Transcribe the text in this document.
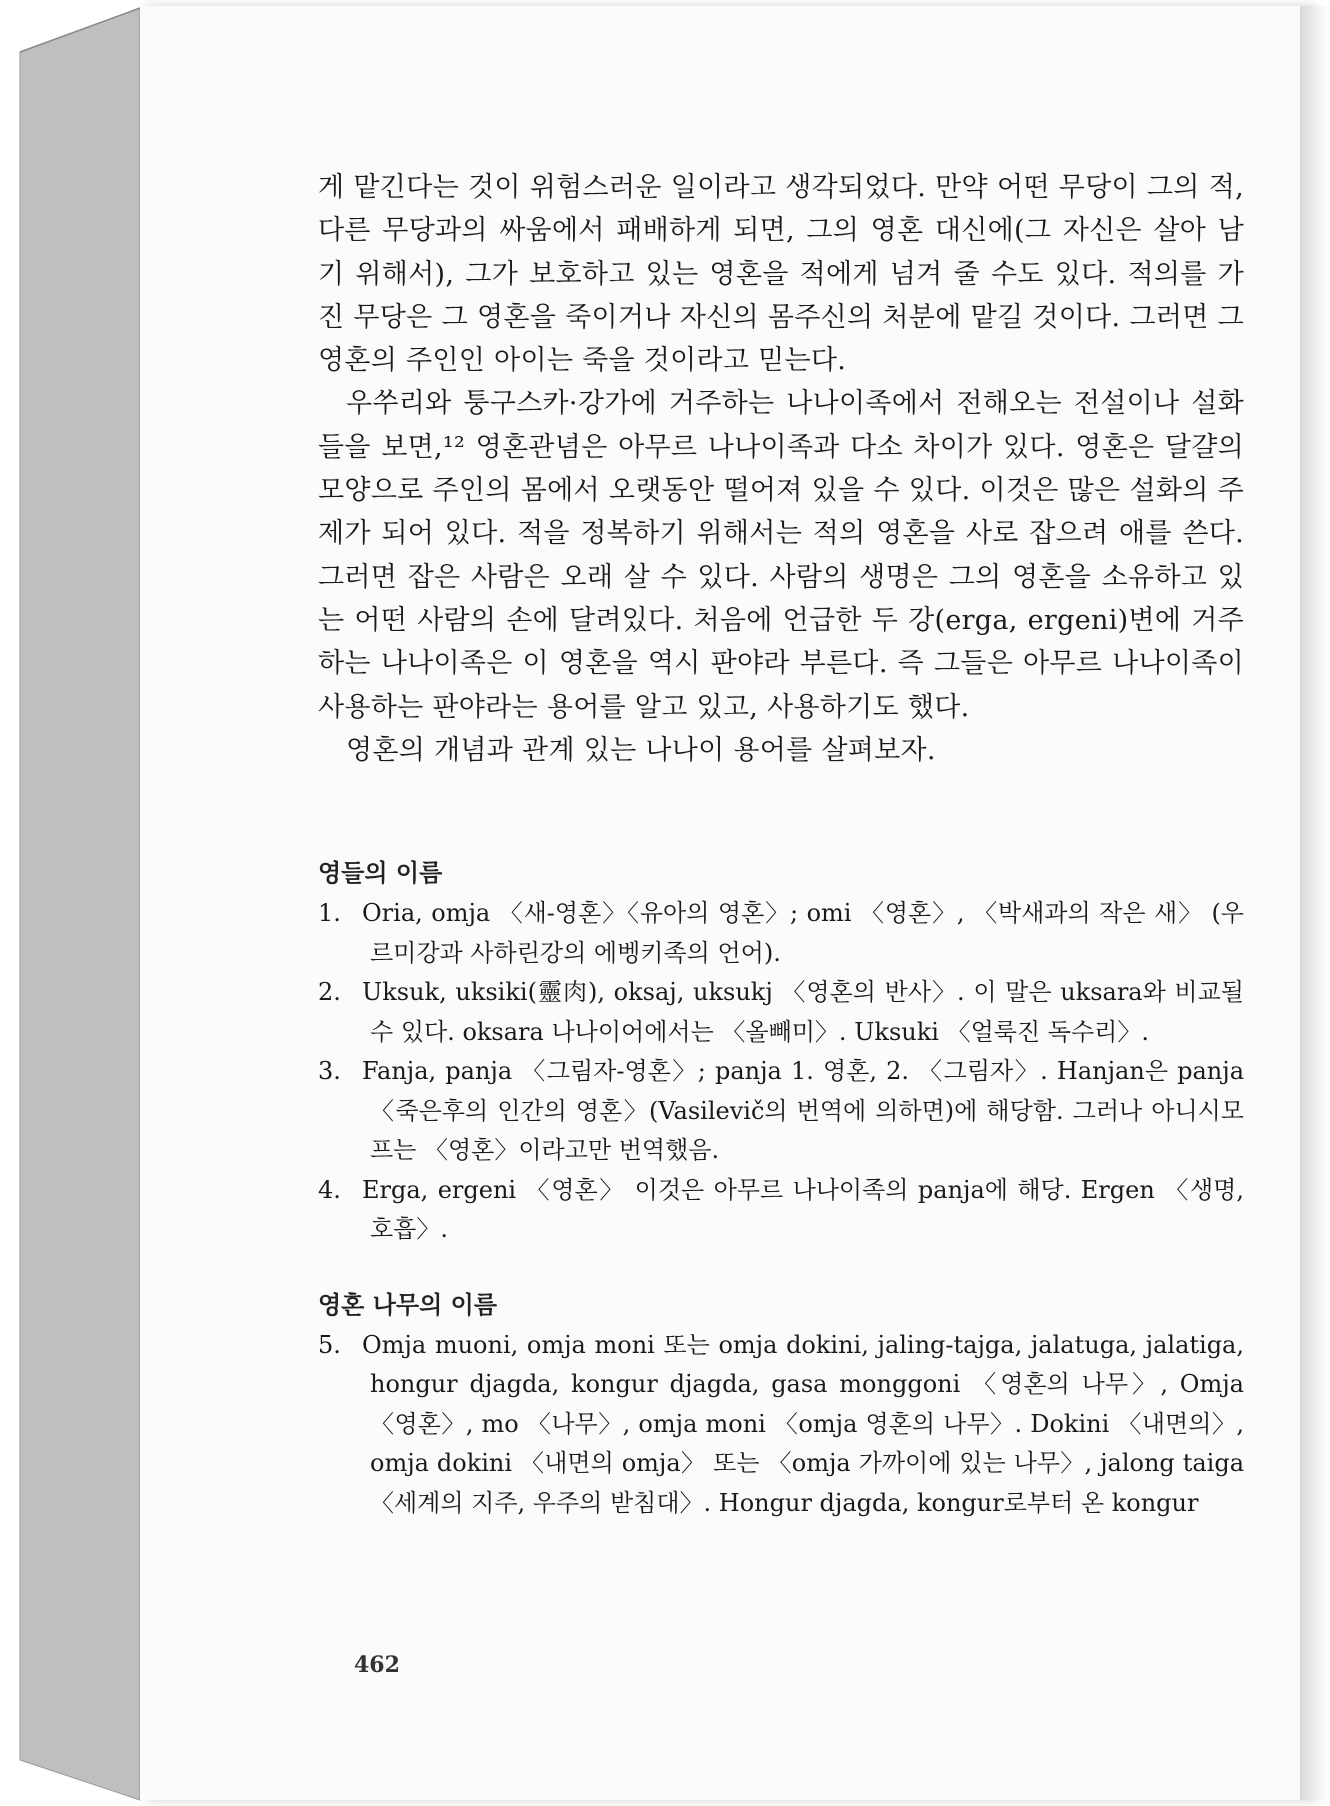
게 맡긴다는 것이 위험스러운 일이라고 생각되었다. 만약 어떤 무당이 그의 적, 다른 무당과의 싸움에서 패배하게 되면, 그의 영혼 대신에(그 자신은 살아 남기 위해서), 그가 보호하고 있는 영혼을 적에게 넘겨 줄 수도 있다. 적의를 가진 무당은 그 영혼을 죽이거나 자신의 몸주신의 처분에 맡길 것이다. 그러면 그 영혼의 주인인 아이는 죽을 것이라고 믿는다.

우쑤리와 퉁구스카·강가에 거주하는 나나이족에서 전해오는 전설이나 설화들을 보면,¹² 영혼관념은 아무르 나나이족과 다소 차이가 있다. 영혼은 달걀의 모양으로 주인의 몸에서 오랫동안 떨어져 있을 수 있다. 이것은 많은 설화의 주제가 되어 있다. 적을 정복하기 위해서는 적의 영혼을 사로 잡으려 애를 쓴다. 그러면 잡은 사람은 오래 살 수 있다. 사람의 생명은 그의 영혼을 소유하고 있는 어떤 사람의 손에 달려있다. 처음에 언급한 두 강(erga, ergeni)변에 거주하는 나나이족은 이 영혼을 역시 판야라 부른다. 즉 그들은 아무르 나나이족이 사용하는 판야라는 용어를 알고 있고, 사용하기도 했다.

영혼의 개념과 관계 있는 나나이 용어를 살펴보자.

영들의 이름
1. Oria, omja 〈새-영혼〉〈유아의 영혼〉; omi 〈영혼〉, 〈박새과의 작은 새〉 (우르미강과 사하린강의 에벵키족의 언어).
2. Uksuk, uksiki(靈肉), oksaj, uksukj 〈영혼의 반사〉. 이 말은 uksara와 비교될 수 있다. oksara 나나이어에서는 〈올빼미〉. Uksuki 〈얼룩진 독수리〉.
3. Fanja, panja 〈그림자-영혼〉; panja 1. 영혼, 2. 〈그림자〉. Hanjan은 panja 〈죽은후의 인간의 영혼〉(Vasilevič의 번역에 의하면)에 해당함. 그러나 아니시모프는 〈영혼〉이라고만 번역했음.
4. Erga, ergeni 〈영혼〉 이것은 아무르 나나이족의 panja에 해당. Ergen 〈생명, 호흡〉.
영혼 나무의 이름
5. Omja muoni, omja moni 또는 omja dokini, jaling-tajga, jalatuga, jalatiga, hongur djagda, kongur djagda, gasa monggoni 〈영혼의 나무〉, Omja 〈영혼〉, mo 〈나무〉, omja moni 〈omja 영혼의 나무〉. Dokini 〈내면의〉, omja dokini 〈내면의 omja〉 또는 〈omja 가까이에 있는 나무〉, jalong taiga 〈세계의 지주, 우주의 받침대〉. Hongur djagda, kongur로부터 온 kongur
462
